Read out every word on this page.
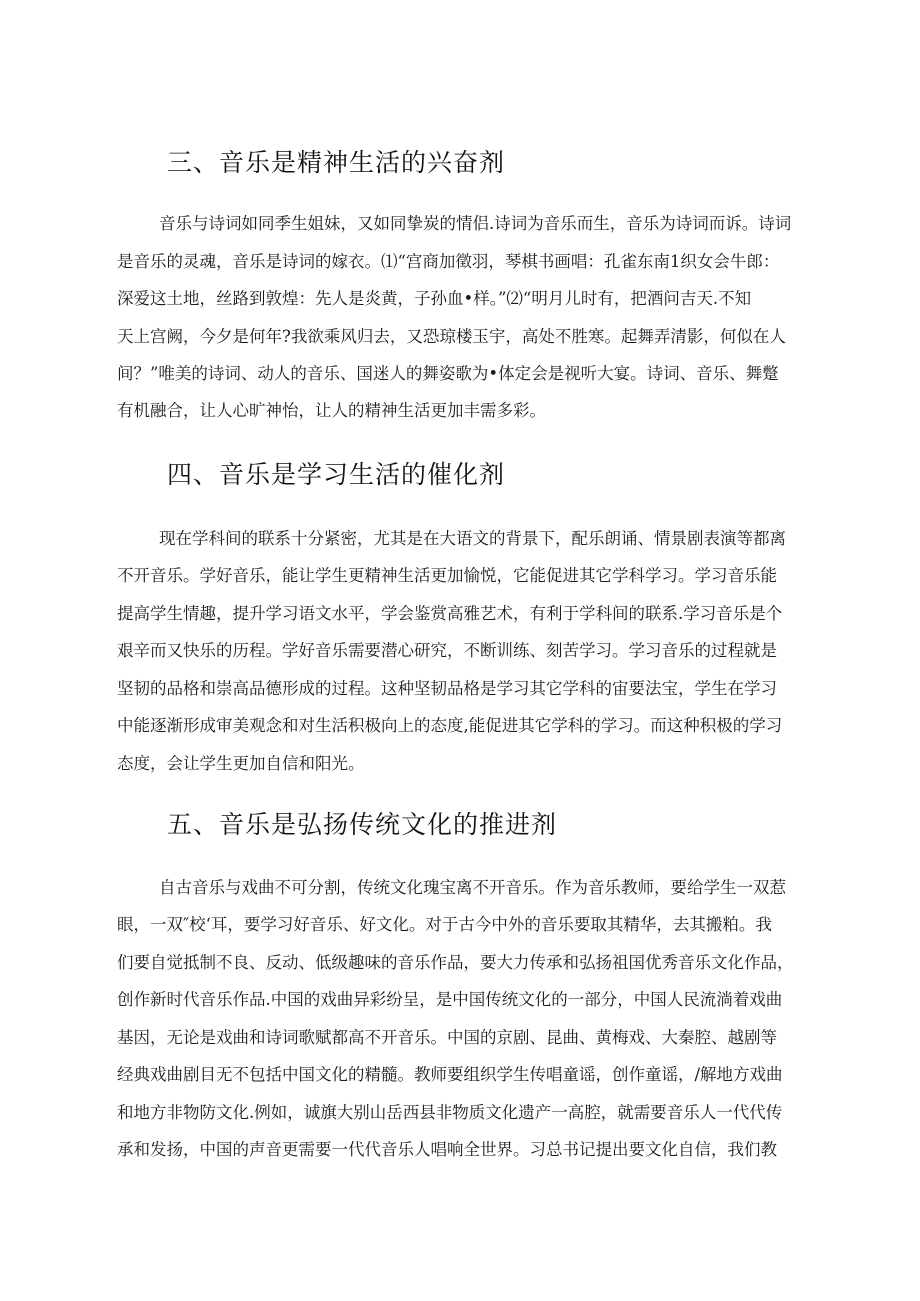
三、音乐是精神生活的兴奋剂
音乐与诗词如同季生姐妹，又如同挚炭的情侣.诗词为音乐而生，音乐为诗词而诉。诗词
是音乐的灵魂，音乐是诗词的嫁衣。⑴“宫商加徵羽，琴棋书画唱：孔雀东南1织女会牛郎：
深爱这土地，丝路到敦煌：先人是炎黄，子孙血•样。”⑵“明月儿时有，把酒问吉天.不知
天上宫阙，今夕是何年?我欲乘风归去，又恐琼楼玉宇，高处不胜寒。起舞弄清影，何似在人
间？”唯美的诗词、动人的音乐、国迷人的舞姿歌为•体定会是视听大宴。诗词、音乐、舞蹩
有机融合，让人心旷神怡，让人的精神生活更加丰需多彩。
四、音乐是学习生活的催化剂
现在学科间的联系十分紧密，尤其是在大语文的背景下，配乐朗诵、情景剧表演等都离
不开音乐。学好音乐，能让学生更精神生活更加愉悦，它能促进其它学科学习。学习音乐能
提高学生情趣，提升学习语文水平，学会鉴赏高雅艺术，有利于学科间的联系.学习音乐是个
艰辛而又快乐的历程。学好音乐需要潜心研究，不断训练、刻苦学习。学习音乐的过程就是
坚韧的品格和崇高品德形成的过程。这种坚韧品格是学习其它学科的宙要法宝，学生在学习
中能逐渐形成审美观念和对生活积极向上的态度,能促进其它学科的学习。而这种积极的学习
态度，会让学生更加自信和阳光。
五、音乐是弘扬传统文化的推进剂
自古音乐与戏曲不可分割，传统文化瑰宝离不开音乐。作为音乐教师，要给学生一双惹
眼，一双″校‘耳，要学习好音乐、好文化。对于古今中外的音乐要取其精华，去其搬粕。我
们要自觉抵制不良、反动、低级趣味的音乐作品，要大力传承和弘扬祖国优秀音乐文化作品，
创作新时代音乐作品.中国的戏曲异彩纷呈，是中国传统文化的一部分，中国人民流淌着戏曲
基因，无论是戏曲和诗词歌赋都高不开音乐。中国的京剧、昆曲、黄梅戏、大秦腔、越剧等
经典戏曲剧目无不包括中国文化的精髓。教师要组织学生传唱童谣，创作童谣，/解地方戏曲
和地方非物防文化.例如，诚旗大别山岳西县非物质文化遗产一高腔，就需要音乐人一代代传
承和发扬，中国的声音更需要一代代音乐人唱响全世界。习总书记提出要文化自信，我们教
